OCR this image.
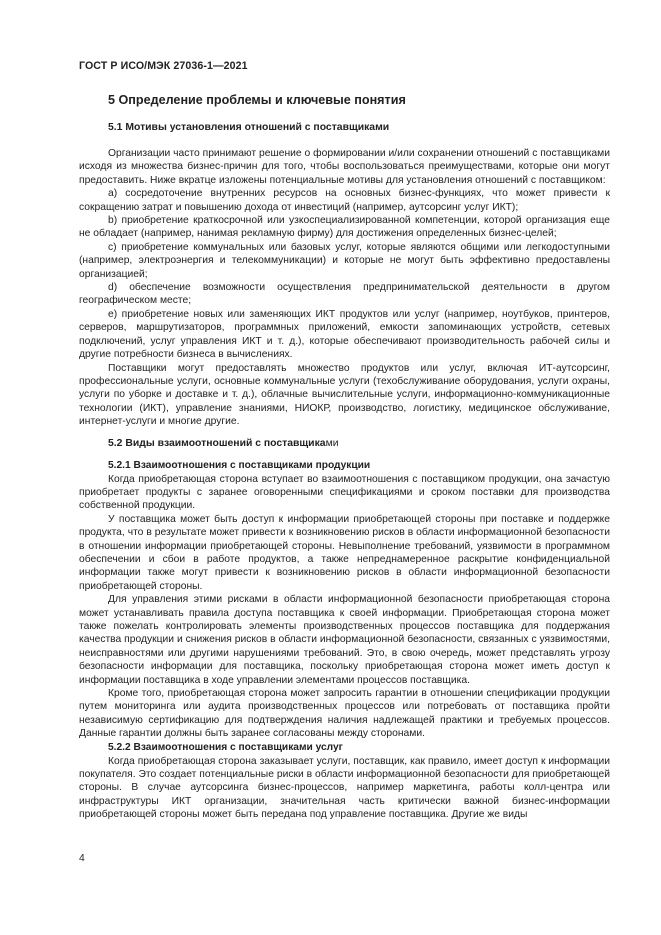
ГОСТ Р ИСО/МЭК 27036-1—2021
5 Определение проблемы и ключевые понятия
5.1 Мотивы установления отношений с поставщиками

Организации часто принимают решение о формировании и/или сохранении отношений с поставщиками исходя из множества бизнес-причин для того, чтобы воспользоваться преимуществами, которые они могут предоставить. Ниже вкратце изложены потенциальные мотивы для установления отношений с поставщиком:

a) сосредоточение внутренних ресурсов на основных бизнес-функциях, что может привести к сокращению затрат и повышению дохода от инвестиций (например, аутсорсинг услуг ИКТ);

b) приобретение краткосрочной или узкоспециализированной компетенции, которой организация еще не обладает (например, нанимая рекламную фирму) для достижения определенных бизнес-целей;

c) приобретение коммунальных или базовых услуг, которые являются общими или легкодоступными (например, электроэнергия и телекоммуникации) и которые не могут быть эффективно предоставлены организацией;

d) обеспечение возможности осуществления предпринимательской деятельности в другом географическом месте;

e) приобретение новых или заменяющих ИКТ продуктов или услуг (например, ноутбуков, принтеров, серверов, маршрутизаторов, программных приложений, емкости запоминающих устройств, сетевых подключений, услуг управления ИКТ и т. д.), которые обеспечивают производительность рабочей силы и другие потребности бизнеса в вычислениях.

Поставщики могут предоставлять множество продуктов или услуг, включая ИТ-аутсорсинг, профессиональные услуги, основные коммунальные услуги (техобслуживание оборудования, услуги охраны, услуги по уборке и доставке и т. д.), облачные вычислительные услуги, информационно-коммуникационные технологии (ИКТ), управление знаниями, НИОКР, производство, логистику, медицинское обслуживание, интернет-услуги и многие другие.

5.2 Виды взаимоотношений с поставщиками
5.2.1 Взаимоотношения с поставщиками продукции

Когда приобретающая сторона вступает во взаимоотношения с поставщиком продукции, она зачастую приобретает продукты с заранее оговоренными спецификациями и сроком поставки для производства собственной продукции.

У поставщика может быть доступ к информации приобретающей стороны при поставке и поддержке продукта, что в результате может привести к возникновению рисков в области информационной безопасности в отношении информации приобретающей стороны. Невыполнение требований, уязвимости в программном обеспечении и сбои в работе продуктов, а также непреднамеренное раскрытие конфиденциальной информации также могут привести к возникновению рисков в области информационной безопасности приобретающей стороны.

Для управления этими рисками в области информационной безопасности приобретающая сторона может устанавливать правила доступа поставщика к своей информации. Приобретающая сторона может также пожелать контролировать элементы производственных процессов поставщика для поддержания качества продукции и снижения рисков в области информационной безопасности, связанных с уязвимостями, неисправностями или другими нарушениями требований. Это, в свою очередь, может представлять угрозу безопасности информации для поставщика, поскольку приобретающая сторона может иметь доступ к информации поставщика в ходе управлении элементами процессов поставщика.

Кроме того, приобретающая сторона может запросить гарантии в отношении спецификации продукции путем мониторинга или аудита производственных процессов или потребовать от поставщика пройти независимую сертификацию для подтверждения наличия надлежащей практики и требуемых процессов. Данные гарантии должны быть заранее согласованы между сторонами.

5.2.2 Взаимоотношения с поставщиками услуг

Когда приобретающая сторона заказывает услуги, поставщик, как правило, имеет доступ к информации покупателя. Это создает потенциальные риски в области информационной безопасности для приобретающей стороны. В случае аутсорсинга бизнес-процессов, например маркетинга, работы колл-центра или инфраструктуры ИКТ организации, значительная часть критически важной бизнес-информации приобретающей стороны может быть передана под управление поставщика. Другие же виды

4
